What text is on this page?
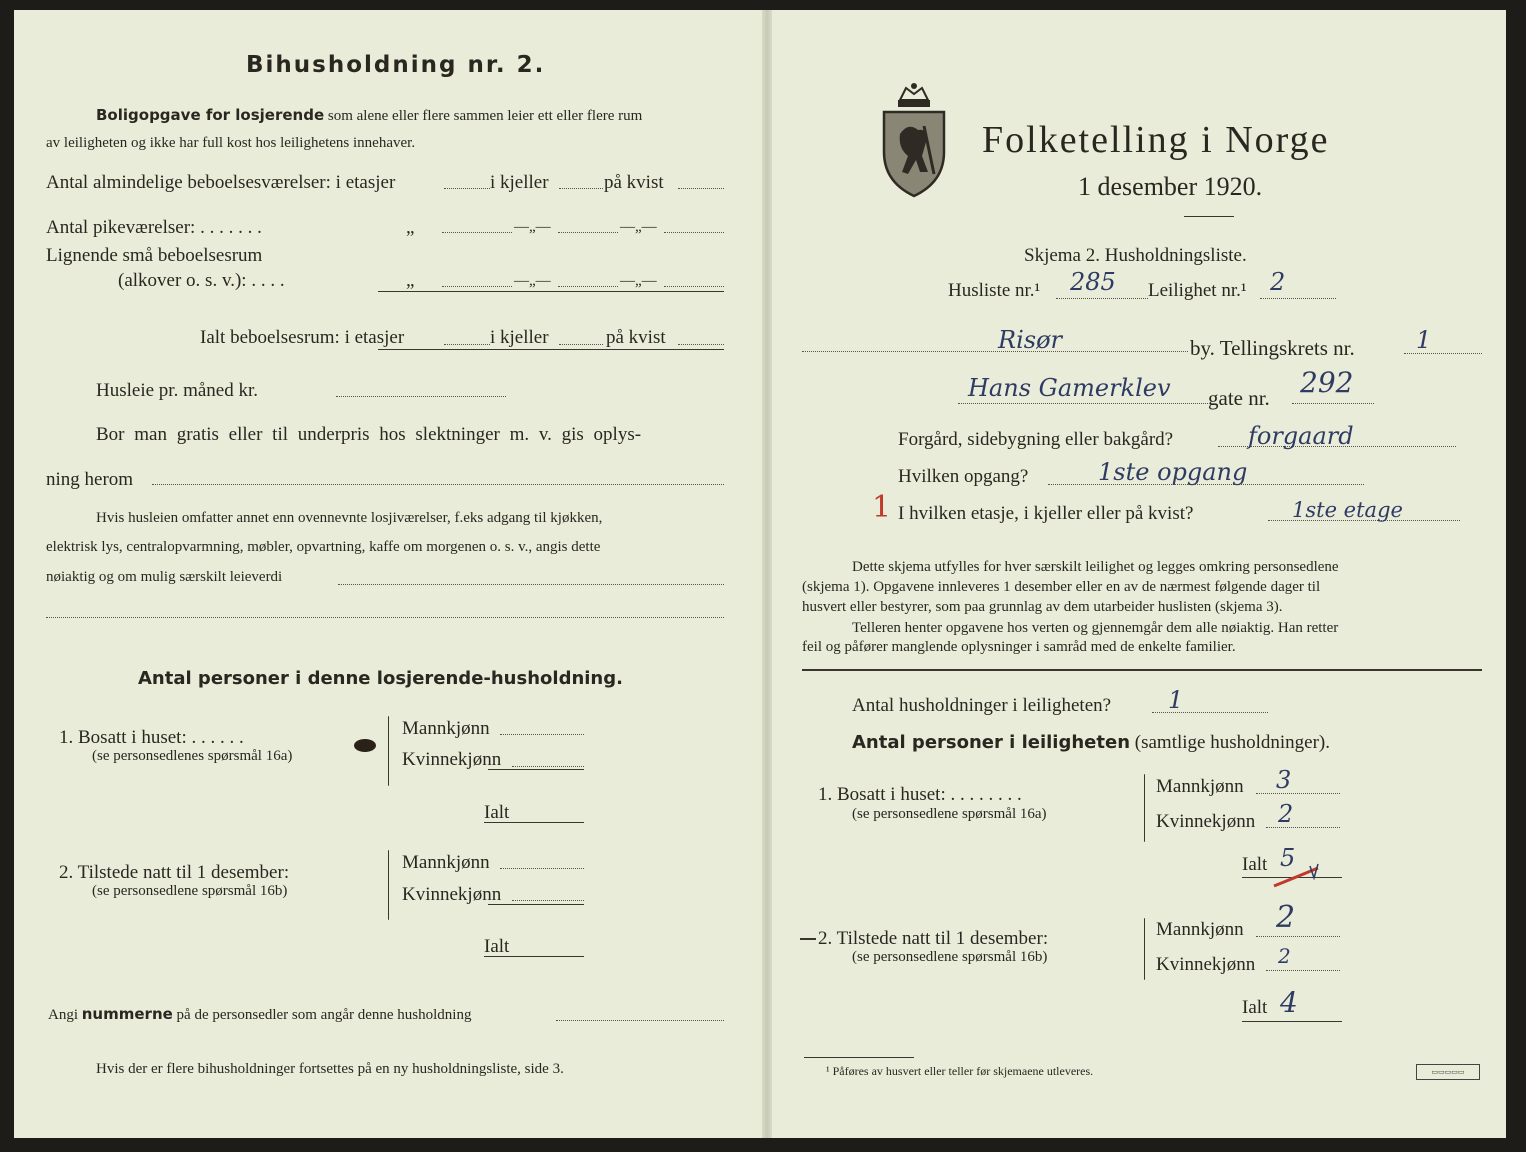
Bihusholdning nr. 2.
Boligopgave for losjerende som alene eller flere sammen leier ett eller flere rum
av leiligheten og ikke har full kost hos leilighetens innehaver.
Antal almindelige beboelsesværelser: i etasjer	i kjeller	på kvist
Antal pikeværelser: . . . . . . .	„	—„—	—„—
Lignende små beboelsesrum
(alkover o. s. v.): . . . .	„	—„—	—„—
Ialt beboelsesrum: i etasjer	i kjeller	på kvist
Husleie pr. måned kr.
Bor man gratis eller til underpris hos slektninger m. v. gis oplys-
ning herom
Hvis husleien omfatter annet enn ovennevnte losjiværelser, f.eks adgang til kjøkken,
elektrisk lys, centralopvarmning, møbler, opvartning, kaffe om morgenen o. s. v., angis dette
nøiaktig og om mulig særskilt leieverdi
Antal personer i denne losjerende-husholdning.
1. Bosatt i huset: . . . . . .
(se personsedlenes spørsmål 16a)
Mannkjønn
Kvinnekjønn
Ialt
2. Tilstede natt til 1 desember:
(se personsedlene spørsmål 16b)
Mannkjønn
Kvinnekjønn
Ialt
Angi nummerne på de personsedler som angår denne husholdning
Hvis der er flere bihusholdninger fortsettes på en ny husholdningsliste, side 3.
Folketelling i Norge
1 desember 1920.
Skjema 2. Husholdningsliste.
Husliste nr.¹ 285 Leilighet nr.¹ 2
Risør	by. Tellingskrets nr.	1
Hans Gamerklev gate nr. 292
Forgård, sidebygning eller bakgård?	forgaard
Hvilken opgang?	1ste opgang
1 I hvilken etasje, i kjeller eller på kvist?	1ste etage
Dette skjema utfylles for hver særskilt leilighet og legges omkring personsedlene
(skjema 1). Opgavene innleveres 1 desember eller en av de nærmest følgende dager til
husvert eller bestyrer, som paa grunnlag av dem utarbeider huslisten (skjema 3).
Telleren henter opgavene hos verten og gjennemgår dem alle nøiaktig. Han retter
feil og påfører manglende oplysninger i samråd med de enkelte familier.
Antal husholdninger i leiligheten? 1
Antal personer i leiligheten (samtlige husholdninger).
1. Bosatt i huset: . . . . . . . .
(se personsedlene spørsmål 16a)
Mannkjønn 3
Kvinnekjønn 2
Ialt 5
2. Tilstede natt til 1 desember:
(se personsedlene spørsmål 16b)
Mannkjønn 2
Kvinnekjønn 2
Ialt 4
¹ Påføres av husvert eller teller før skjemaene utleveres.	▭▭▭▭▭
